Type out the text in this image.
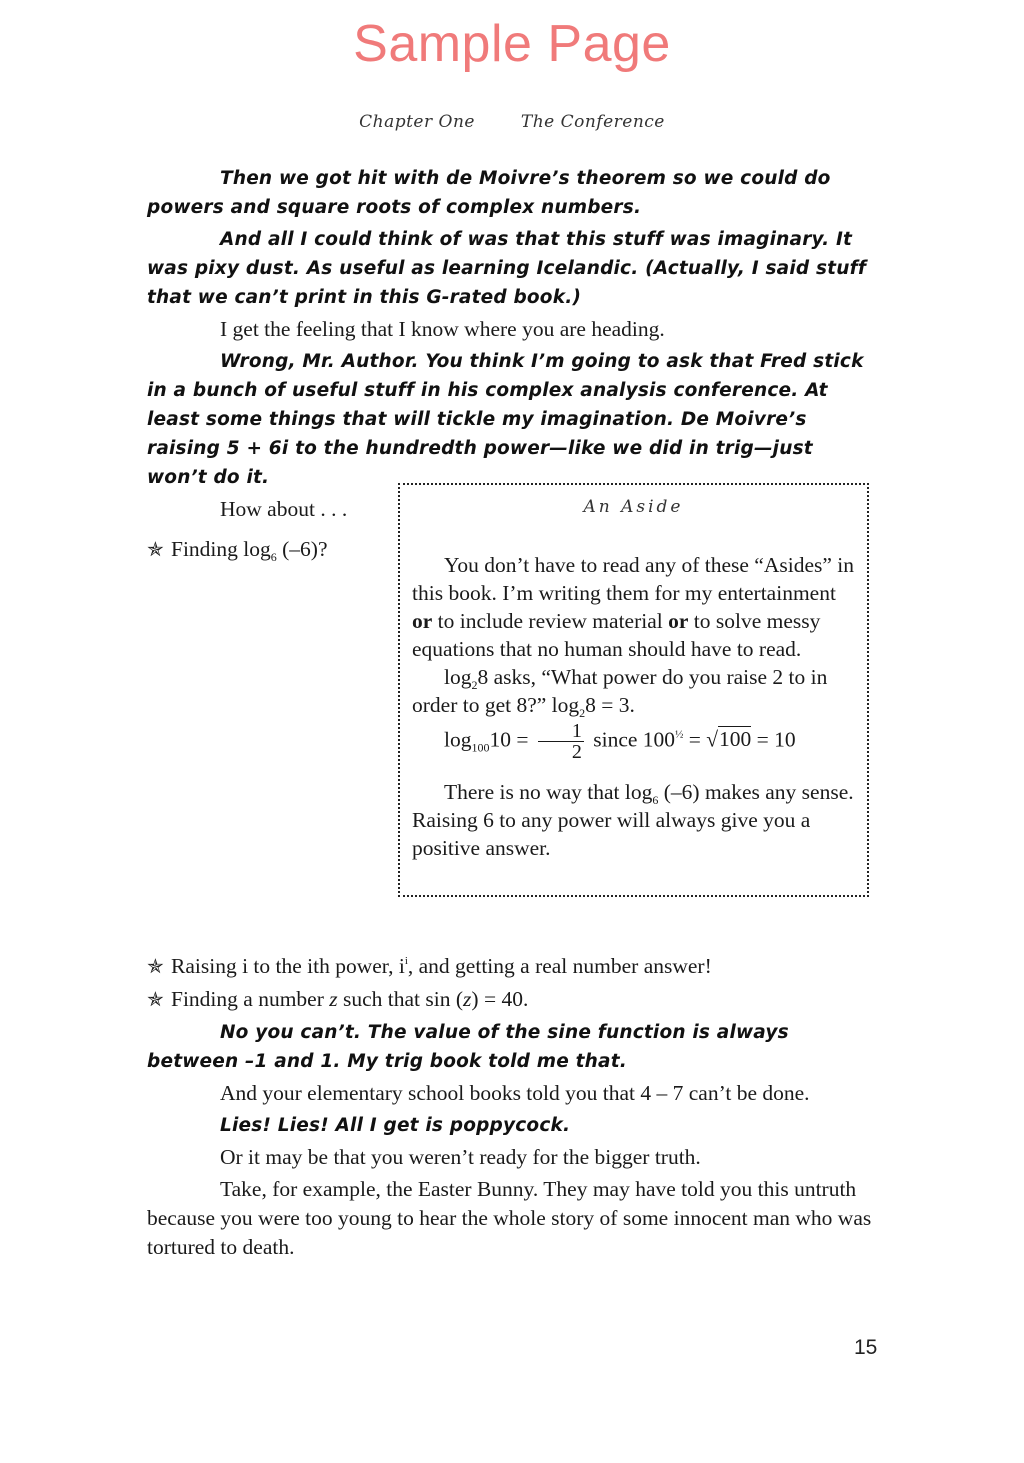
Sample Page
Chapter One	The Conference

Then we got hit with de Moivre’s theorem so we could do powers and square roots of complex numbers.

And all I could think of was that this stuff was imaginary. It was pixy dust. As useful as learning Icelandic. (Actually, I said stuff that we can’t print in this G-rated book.)

I get the feeling that I know where you are heading.

Wrong, Mr. Author. You think I’m going to ask that Fred stick in a bunch of useful stuff in his complex analysis conference. At least some things that will tickle my imagination. De Moivre’s raising 5 + 6i to the hundredth power—like we did in trig—just won’t do it.

How about . . .

✯ Finding $\log_6 (-6)$?
An Aside

You don’t have to read any of these “Asides” in this book. I’m writing them for my entertainment or to include review material or to solve messy equations that no human should have to read.

$\log_28$ asks, “What power do you raise 2 to in order to get 8?” $\log_28 = 3$.

$\log_{100}10 = \frac{1}{2}$ since $100^{\frac{1}{2}} = √100 = 10$

There is no way that $\log_6 (-6)$ makes any sense. Raising 6 to any power will always give you a positive answer.

✯ Raising i to the ith power, $i^i$, and getting a real number answer!

✯ Finding a number z such that sin (z) = 40.

No you can’t. The value of the sine function is always between –1 and 1. My trig book told me that.

And your elementary school books told you that 4 – 7 can’t be done.

Lies! Lies! All I get is poppycock.

Or it may be that you weren’t ready for the bigger truth.

Take, for example, the Easter Bunny. They may have told you this untruth because you were too young to hear the whole story of some innocent man who was tortured to death.

15
